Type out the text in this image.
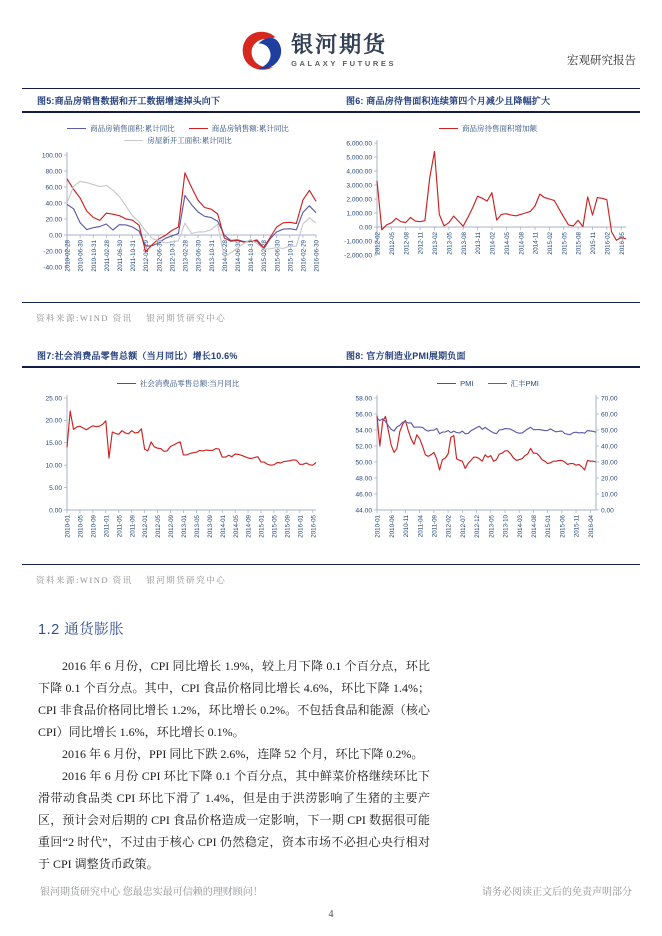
银河期货
GALAXY FUTURES	宏观研究报告
图5:商品房销售数据和开工数据增速掉头向下	图6: 商品房待售面积连续第四个月减少且降幅扩大
商品房销售面积:累计同比	商品房销售额:累计同比
房屋新开工面积:累计同比
100.00
80.00
60.00
40.00
20.00
0.00
-20.00
-40.00 2010-02-28 2010-06-30 2010-10-31 2011-02-28 2011-06-30 2011-10-31 2012-02-29 2012-06-30 2012-10-31 2013-02-28 2013-06-30 2013-10-31 2014-02-28 2014-06-30 2014-10-31 2015-02-28 2015-06-30 2015-10-31 2016-02-29 2016-06-30
商品房待售面积增加额
6,000.00
5,000.00
4,000.00
3,000.00
2,000.00
1,000.00
0.00
-1,000.00
-2,000.00
2012-02 2012-05 2012-08 2012-11 2013-02 2013-05 2013-08 2013-11 2014-02 2014-05 2014-08 2014-11 2015-02 2015-05 2015-08 2015-11 2016-02 2016-05
资料来源:WIND 资讯　 银河期货研究中心
图7:社会消费品零售总额（当月同比）增长10.6%	图8: 官方制造业PMI展期负面
社会消费品零售总额:当月同比
25.00
20.00
15.00
10.00
5.00
0.00
2010-01 2010-05 2010-09 2011-01 2011-05 2011-09 2012-01 2012-05 2012-09 2013-01 2013-05 2013-09 2014-01 2014-05 2014-09 2015-01 2015-05 2015-09 2016-01 2016-05
PMI	汇丰PMI
58.00
56.00
54.00
52.00
50.00
48.00
46.00
44.00
70.00
60.00
50.00
40.00
30.00
20.00
10.00
0.00
2010-01 2010-06 2010-11 2011-04 2011-09 2012-02 2012-07 2012-12 2013-05 2013-10 2014-03 2014-08 2015-01 2015-06 2015-11 2016-04
资料来源:WIND 资讯　 银河期货研究中心
1.2 通货膨胀

2016 年 6 月份，CPI 同比增长 1.9%，较上月下降 0.1 个百分点，环比下降 0.1 个百分点。其中，CPI 食品价格同比增长 4.6%，环比下降 1.4%；CPI 非食品价格同比增长 1.2%，环比增长 0.2%。不包括食品和能源（核心 CPI）同比增长 1.6%，环比增长 0.1%。

2016 年 6 月份，PPI 同比下跌 2.6%，连降 52 个月，环比下降 0.2%。

2016 年 6 月份 CPI 环比下降 0.1 个百分点，其中鲜菜价格继续环比下滑带动食品类 CPI 环比下滑了 1.4%，但是由于洪涝影响了生猪的主要产区，预计会对后期的 CPI 食品价格造成一定影响，下一期 CPI 数据很可能重回“2 时代”，不过由于核心 CPI 仍然稳定，资本市场不必担心央行相对于 CPI 调整货币政策。

银河期货研究中心 您最忠实最可信赖的理财顾问！	请务必阅读正文后的免责声明部分
4
